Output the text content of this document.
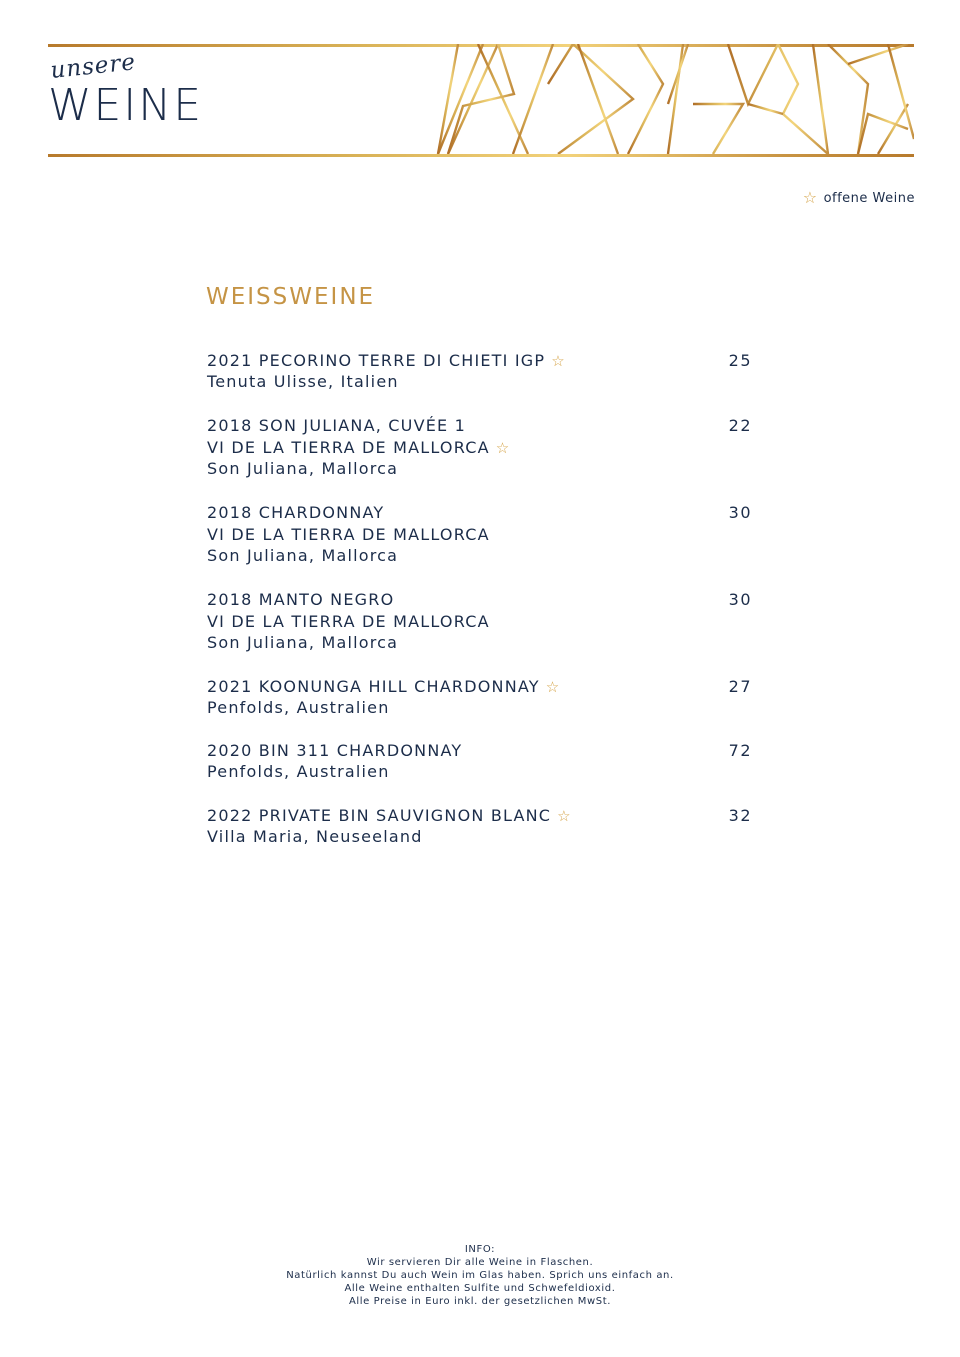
unsere
WEINE
☆ offene Weine
WEISSWEINE
2021 PECORINO TERRE DI CHIETI IGP ☆
Tenuta Ulisse, Italien
25
2018 SON JULIANA, CUVÉE 1
VI DE LA TIERRA DE MALLORCA ☆
Son Juliana, Mallorca
22
2018 CHARDONNAY
VI DE LA TIERRA DE MALLORCA
Son Juliana, Mallorca
30
2018 MANTO NEGRO
VI DE LA TIERRA DE MALLORCA
Son Juliana, Mallorca
30
2021 KOONUNGA HILL CHARDONNAY ☆
Penfolds, Australien
27
2020 BIN 311 CHARDONNAY
Penfolds, Australien
72
2022 PRIVATE BIN SAUVIGNON BLANC ☆
Villa Maria, Neuseeland
32
INFO:
Wir servieren Dir alle Weine in Flaschen.
Natürlich kannst Du auch Wein im Glas haben. Sprich uns einfach an.
Alle Weine enthalten Sulfite und Schwefeldioxid.
Alle Preise in Euro inkl. der gesetzlichen MwSt.
